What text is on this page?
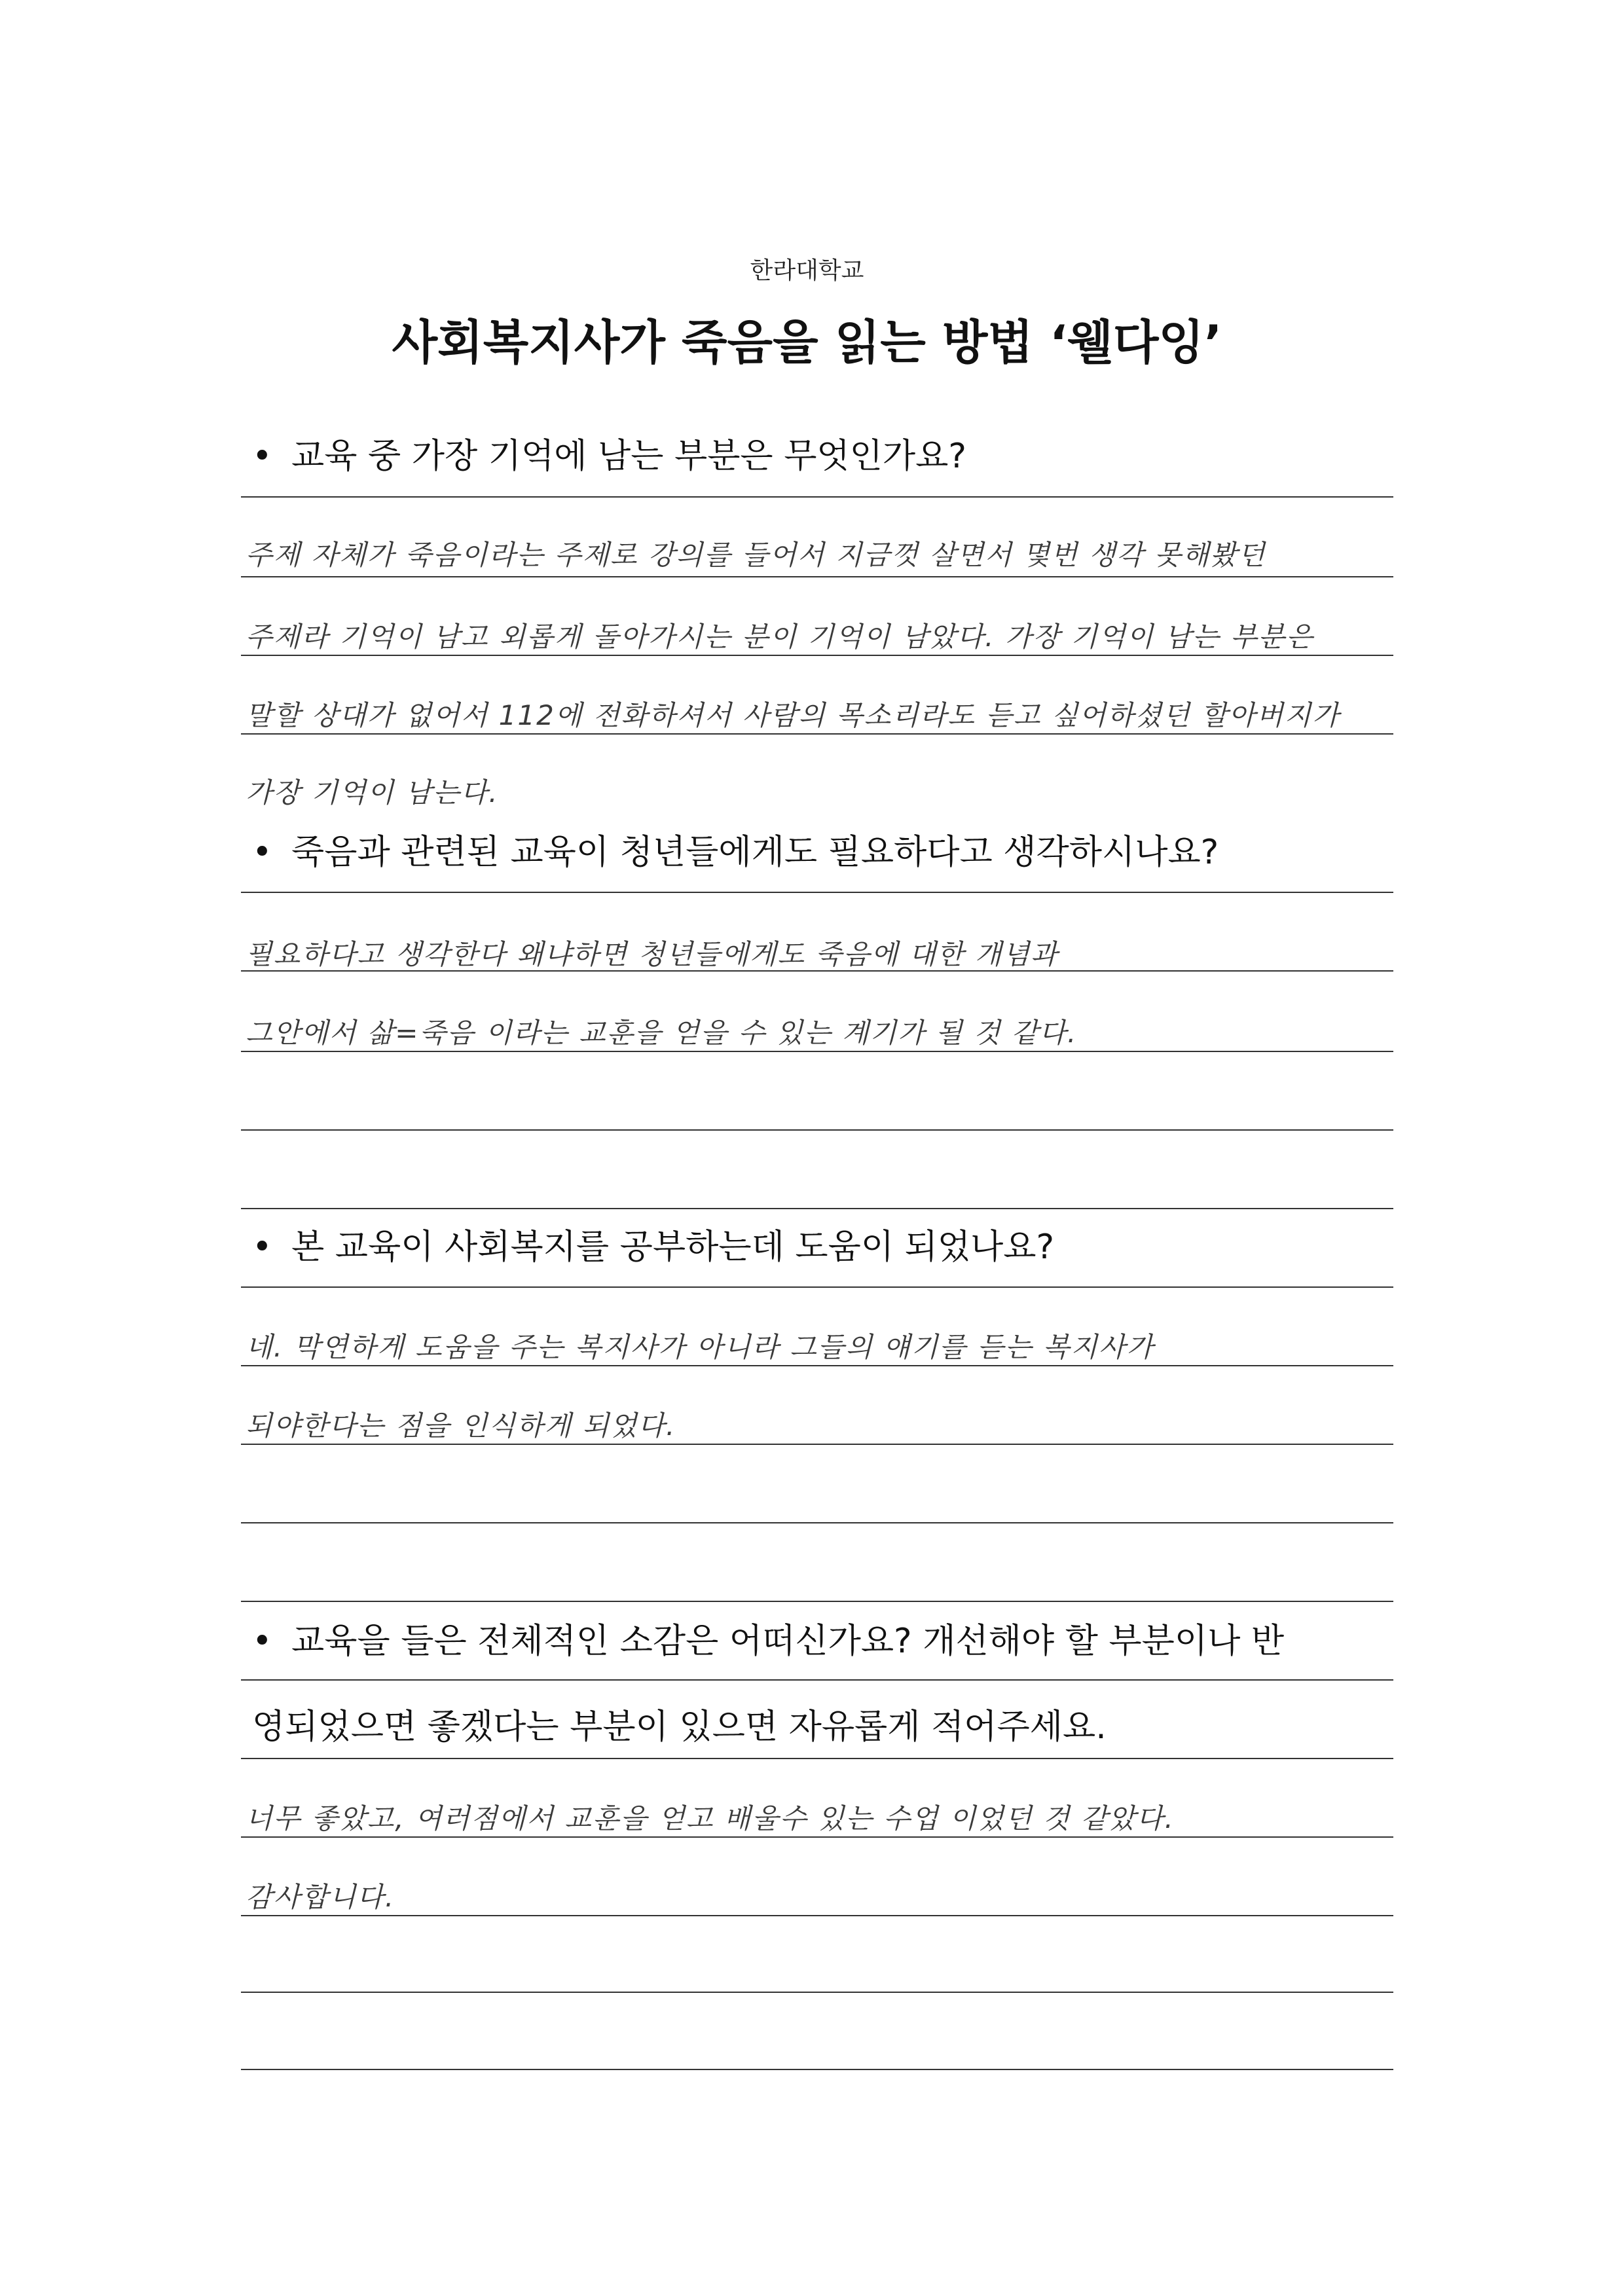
한라대학교
사회복지사가 죽음을 읽는 방법 ‘웰다잉’
• 교육 중 가장 기억에 남는 부분은 무엇인가요?
주제 자체가 죽음이라는 주제로 강의를 들어서 지금껏 살면서 몇번 생각 못해봤던
주제라 기억이 남고 외롭게 돌아가시는 분이 기억이 남았다. 가장 기억이 남는 부분은
말할 상대가 없어서 112에 전화하셔서 사람의 목소리라도 듣고 싶어하셨던 할아버지가
가장 기억이 남는다.
• 죽음과 관련된 교육이 청년들에게도 필요하다고 생각하시나요?
필요하다고 생각한다 왜냐하면 청년들에게도 죽음에 대한 개념과
그안에서 삶=죽음 이라는 교훈을 얻을 수 있는 계기가 될 것 같다.
• 본 교육이 사회복지를 공부하는데 도움이 되었나요?
네. 막연하게 도움을 주는 복지사가 아니라 그들의 얘기를 듣는 복지사가
되야한다는 점을 인식하게 되었다.
• 교육을 들은 전체적인 소감은 어떠신가요? 개선해야 할 부분이나 반
영되었으면 좋겠다는 부분이 있으면 자유롭게 적어주세요.
너무 좋았고, 여러점에서 교훈을 얻고 배울수 있는 수업 이었던 것 같았다.
감사합니다.
